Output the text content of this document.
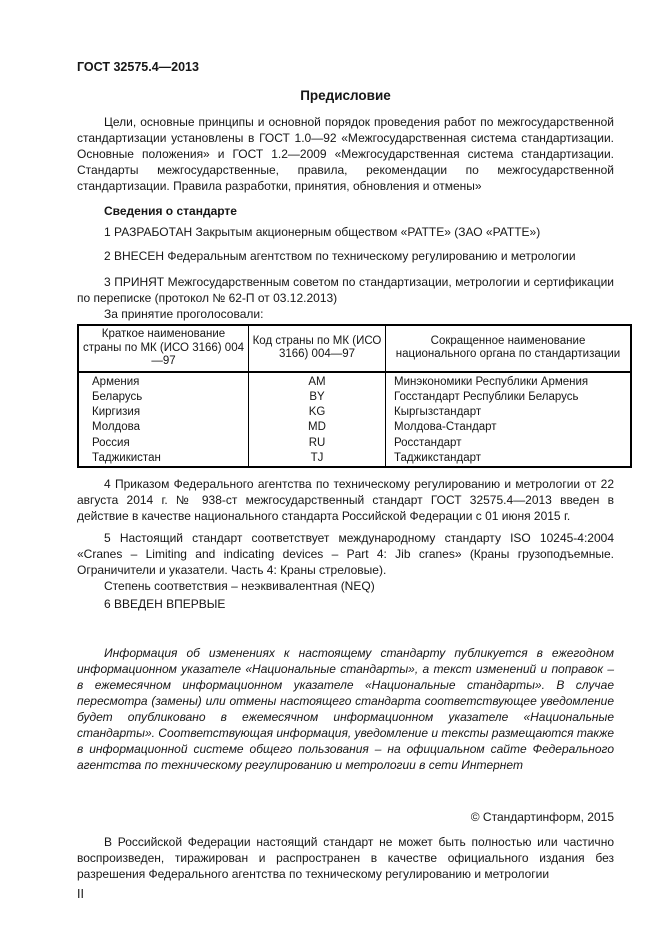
ГОСТ 32575.4—2013

Предисловие

Цели, основные принципы и основной порядок проведения работ по межгосударственной стандартизации установлены в ГОСТ 1.0—92 «Межгосударственная система стандартизации. Основные положения» и ГОСТ 1.2—2009 «Межгосударственная система стандартизации. Стандарты межгосударственные, правила, рекомендации по межгосударственной стандартизации. Правила разработки, принятия, обновления и отмены»

Сведения о стандарте

1 РАЗРАБОТАН Закрытым акционерным обществом «РАТТЕ» (ЗАО «РАТТЕ»)

2 ВНЕСЕН Федеральным агентством по техническому регулированию и метрологии

3 ПРИНЯТ Межгосударственным советом по стандартизации, метрологии и сертификации по переписке (протокол № 62-П от 03.12.2013)

За принятие проголосовали:

Краткое наименование страны по МК (ИСО 3166) 004—97	Код страны по МК (ИСО 3166) 004—97	Сокращенное наименование национального органа по стандартизации
Армения	AM	Минэкономики Республики Армения
Беларусь	BY	Госстандарт Республики Беларусь
Киргизия	KG	Кыргызстандарт
Молдова	MD	Молдова-Стандарт
Россия	RU	Росстандарт
Таджикистан	TJ	Таджикстандарт

4 Приказом Федерального агентства по техническому регулированию и метрологии от 22 августа 2014 г. № 938-ст межгосударственный стандарт ГОСТ 32575.4—2013 введен в действие в качестве национального стандарта Российской Федерации с 01 июня 2015 г.

5 Настоящий стандарт соответствует международному стандарту ISO 10245-4:2004 «Cranes – Limiting and indicating devices – Part 4: Jib cranes» (Краны грузоподъемные. Ограничители и указатели. Часть 4: Краны стреловые).

Степень соответствия – неэквивалентная (NEQ)

6 ВВЕДЕН ВПЕРВЫЕ

Информация об изменениях к настоящему стандарту публикуется в ежегодном информационном указателе «Национальные стандарты», а текст изменений и поправок – в ежемесячном информационном указателе «Национальные стандарты». В случае пересмотра (замены) или отмены настоящего стандарта соответствующее уведомление будет опубликовано в ежемесячном информационном указателе «Национальные стандарты». Соответствующая информация, уведомление и тексты размещаются также в информационной системе общего пользования – на официальном сайте Федерального агентства по техническому регулированию и метрологии в сети Интернет

© Стандартинформ, 2015

В Российской Федерации настоящий стандарт не может быть полностью или частично воспроизведен, тиражирован и распространен в качестве официального издания без разрешения Федерального агентства по техническому регулированию и метрологии

II
